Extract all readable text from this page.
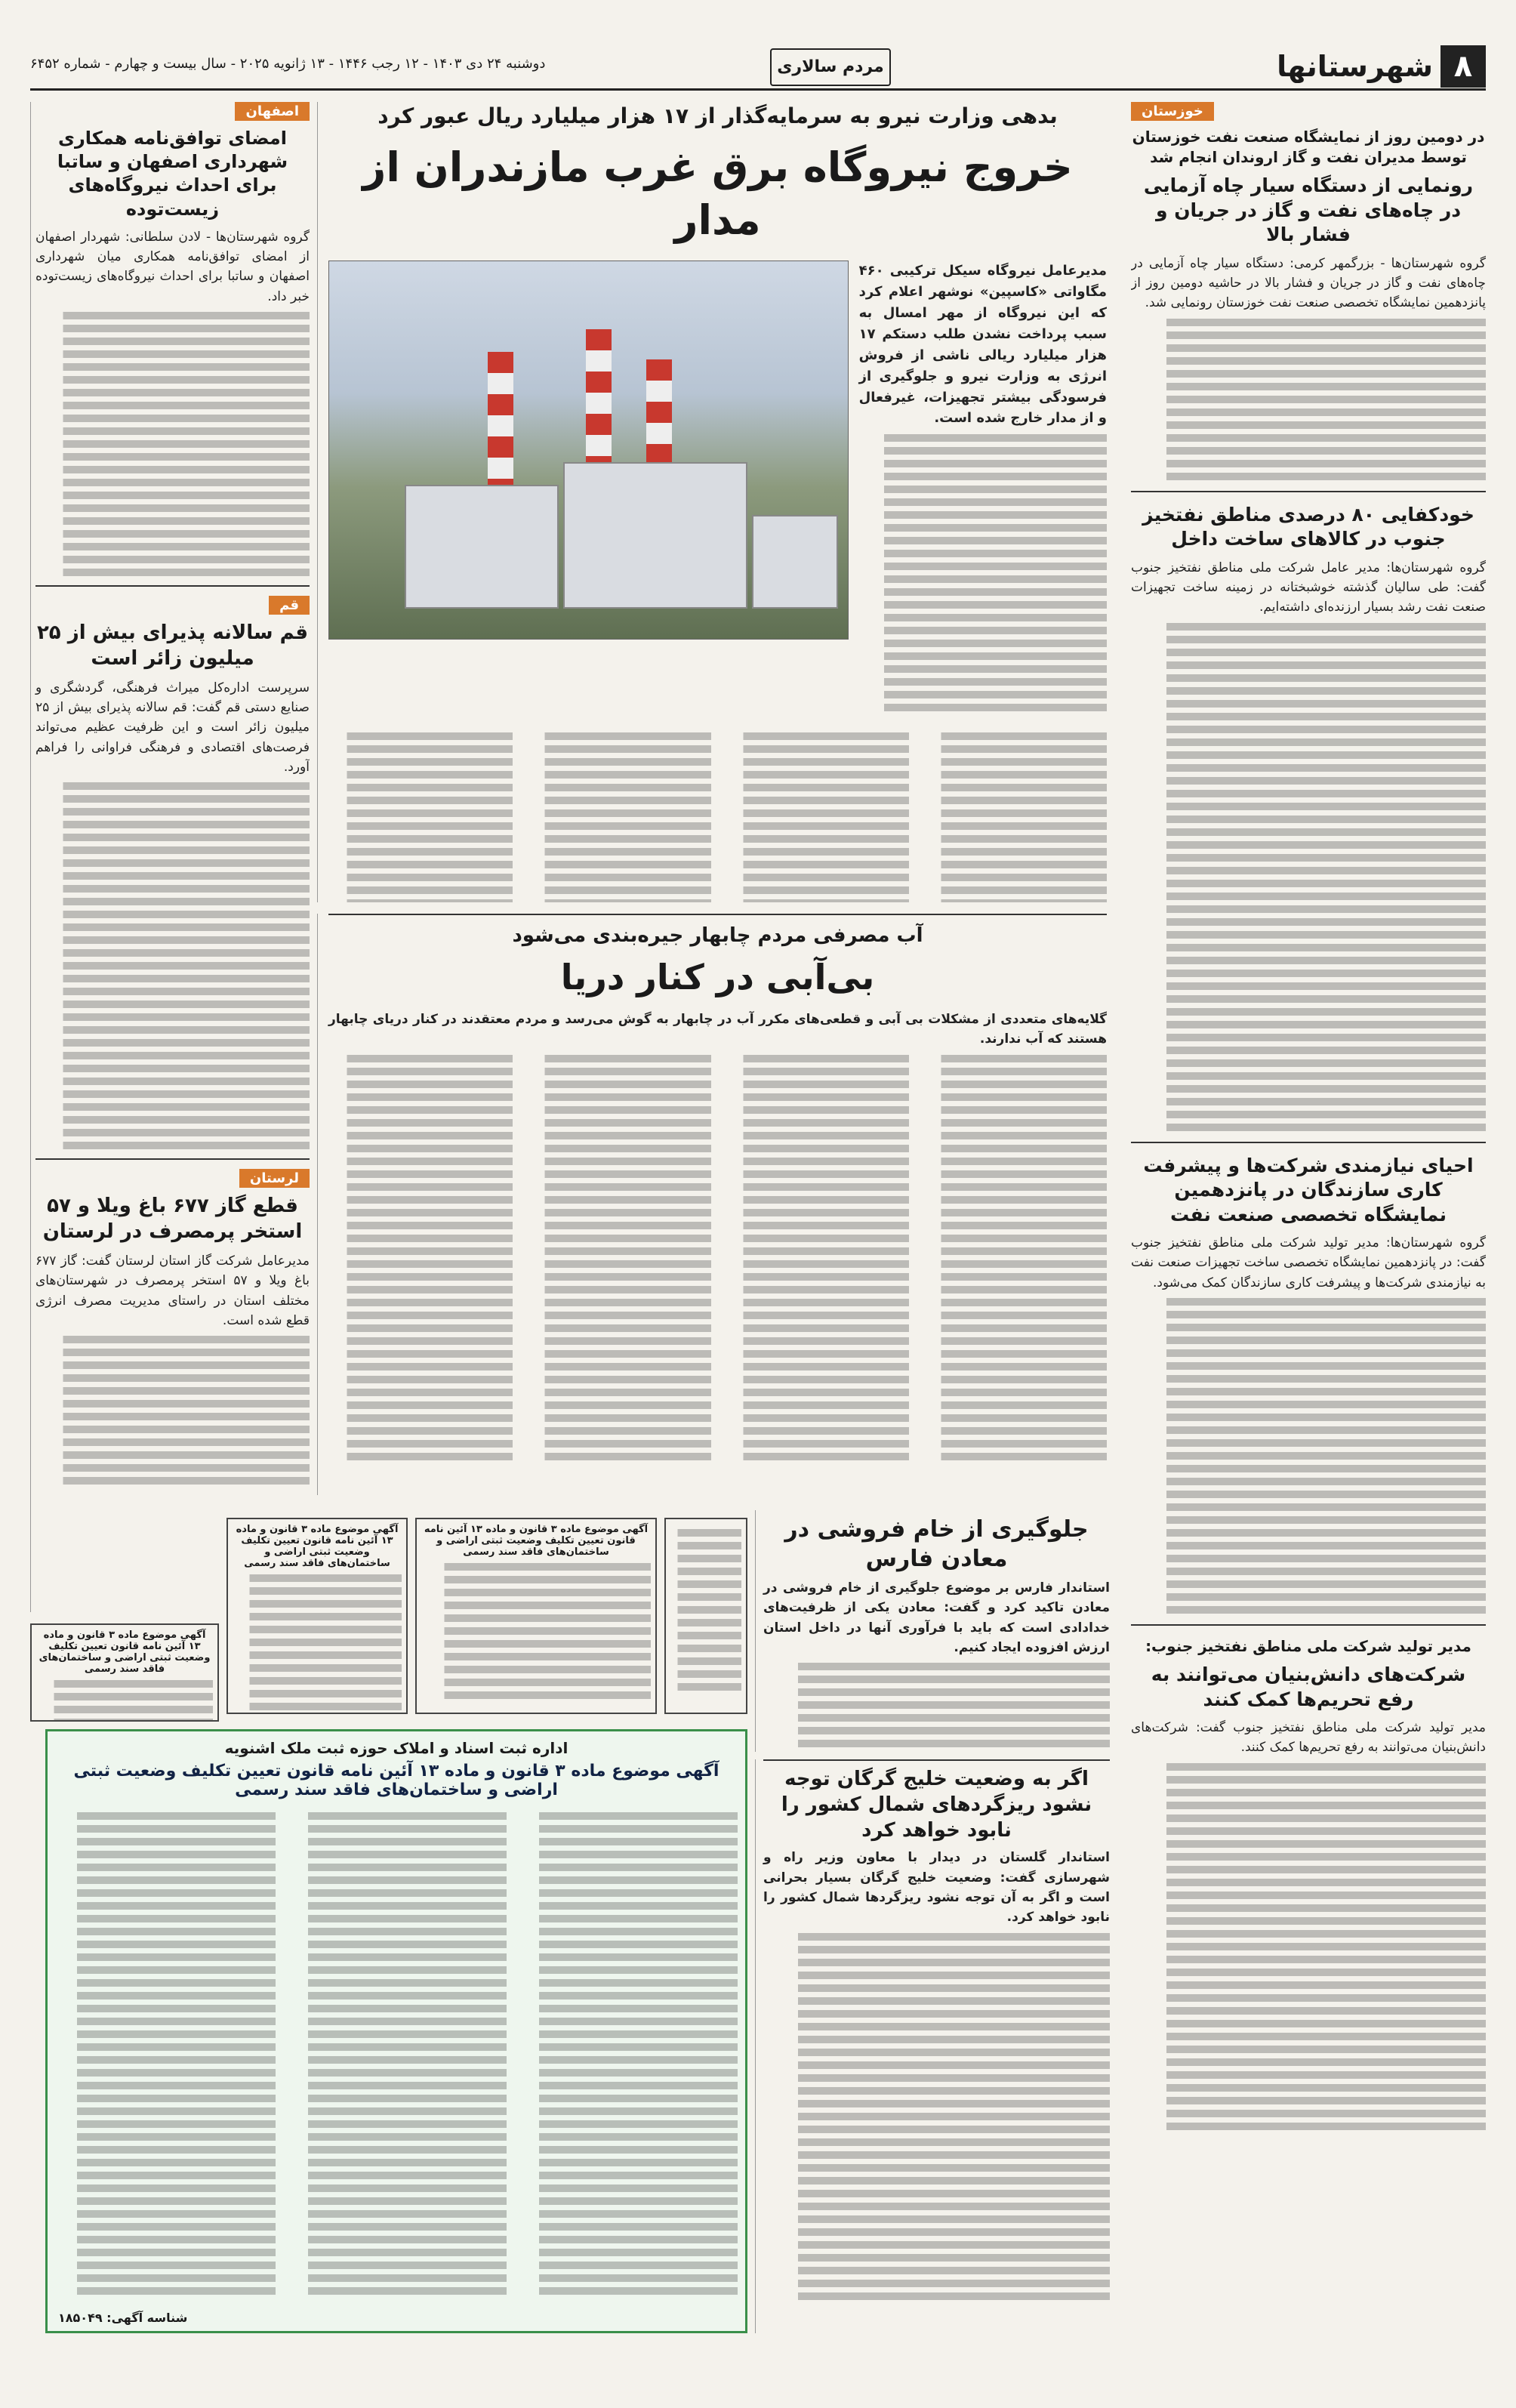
۸
شهرستانها
مردم سالاری
دوشنبه ۲۴ دی ۱۴۰۳ - ۱۲ رجب ۱۴۴۶ - ۱۳ ژانویه ۲۰۲۵ - سال بیست و چهارم - شماره ۶۴۵۲
خوزستان
در دومین روز از نمایشگاه صنعت نفت خوزستان توسط مدیران نفت و گاز اروندان انجام شد
رونمایی از دستگاه سیار چاه آزمایی در چاه‌های نفت و گاز در جریان و فشار بالا
گروه شهرستان‌ها - بزرگمهر کرمی: دستگاه سیار چاه آزمایی در چاه‌های نفت و گاز در جریان و فشار بالا در حاشیه دومین روز از پانزدهمین نمایشگاه تخصصی صنعت نفت خوزستان رونمایی شد.
خودکفایی ۸۰ درصدی مناطق نفتخیز جنوب در کالاهای ساخت داخل
گروه شهرستان‌ها: مدیر عامل شرکت ملی مناطق نفتخیز جنوب گفت: طی سالیان گذشته خوشبختانه در زمینه ساخت تجهیزات صنعت نفت رشد بسیار ارزنده‌ای داشته‌ایم.
احیای نیازمندی شرکت‌ها و پیشرفت کاری سازندگان در پانزدهمین نمایشگاه تخصصی صنعت نفت
گروه شهرستان‌ها: مدیر تولید شرکت ملی مناطق نفتخیز جنوب گفت: در پانزدهمین نمایشگاه تخصصی ساخت تجهیزات صنعت نفت به نیازمندی شرکت‌ها و پیشرفت کاری سازندگان کمک می‌شود.
مدیر تولید شرکت ملی مناطق نفتخیز جنوب:
شرکت‌های دانش‌بنیان می‌توانند به رفع تحریم‌ها کمک کنند
مدیر تولید شرکت ملی مناطق نفتخیز جنوب گفت: شرکت‌های دانش‌بنیان می‌توانند به رفع تحریم‌ها کمک کنند.
بدهی وزارت نیرو به سرمایه‌گذار از ۱۷ هزار میلیارد ریال عبور کرد
خروج نیروگاه برق غرب مازندران از مدار
مدیرعامل نیروگاه سیکل ترکیبی ۴۶۰ مگاواتی «کاسپین» نوشهر اعلام کرد که این نیروگاه از مهر امسال به سبب پرداخت نشدن طلب دستکم ۱۷ هزار میلیارد ریالی ناشی از فروش انرژی به وزارت نیرو و جلوگیری از فرسودگی بیشتر تجهیزات، غیرفعال و از مدار خارج شده است.
اصفهان
امضای توافق‌نامه همکاری شهرداری اصفهان و ساتبا برای احداث نیروگاه‌های زیست‌توده
گروه شهرستان‌ها - لادن سلطانی: شهردار اصفهان از امضای توافق‌نامه همکاری میان شهرداری اصفهان و ساتبا برای احداث نیروگاه‌های زیست‌توده خبر داد.
قم
قم سالانه پذیرای بیش از ۲۵ میلیون زائر است
سرپرست اداره‌کل میراث فرهنگی، گردشگری و صنایع دستی قم گفت: قم سالانه پذیرای بیش از ۲۵ میلیون زائر است و این ظرفیت عظیم می‌تواند فرصت‌های اقتصادی و فرهنگی فراوانی را فراهم آورد.
لرستان
قطع گاز ۶۷۷ باغ ویلا و ۵۷ استخر پرمصرف در لرستان
مدیرعامل شرکت گاز استان لرستان گفت: گاز ۶۷۷ باغ ویلا و ۵۷ استخر پرمصرف در شهرستان‌های مختلف استان در راستای مدیریت مصرف انرژی قطع شده است.
آب مصرفی مردم چابهار جیره‌بندی می‌شود
بی‌آبی در کنار دریا
گلایه‌های متعددی از مشکلات بی آبی و قطعی‌های مکرر آب در چابهار به گوش می‌رسد و مردم معتقدند در کنار دریای چابهار هستند که آب ندارند.
جلوگیری از خام فروشی در معادن فارس
استاندار فارس بر موضوع جلوگیری از خام فروشی در معادن تاکید کرد و گفت: معادن یکی از ظرفیت‌های خدادادی است که باید با فرآوری آنها در داخل استان ارزش افزوده ایجاد کنیم.
آگهی موضوع ماده ۳ قانون و ماده ۱۳ آئین نامه قانون تعیین تکلیف وضعیت ثبتی اراضی و ساختمان‌های فاقد سند رسمی
آگهی موضوع ماده ۳ قانون و ماده ۱۳ آئین نامه قانون تعیین تکلیف وضعیت ثبتی اراضی و ساختمان‌های فاقد سند رسمی
آگهی موضوع ماده ۳ قانون و ماده ۱۳ آئین نامه قانون تعیین تکلیف وضعیت ثبتی اراضی و ساختمان‌های فاقد سند رسمی
اداره ثبت اسناد و املاک حوزه ثبت ملک اشنویه
آگهی موضوع ماده ۳ قانون و ماده ۱۳ آئین نامه قانون تعیین تکلیف وضعیت ثبتی اراضی و ساختمان‌های فاقد سند رسمی
شناسه آگهی: ۱۸۵۰۴۹
اگر به وضعیت خلیج گرگان توجه نشود ریزگردهای شمال کشور را نابود خواهد کرد
استاندار گلستان در دیدار با معاون وزیر راه و شهرسازی گفت: وضعیت خلیج گرگان بسیار بحرانی است و اگر به آن توجه نشود ریزگردها شمال کشور را نابود خواهد کرد.
